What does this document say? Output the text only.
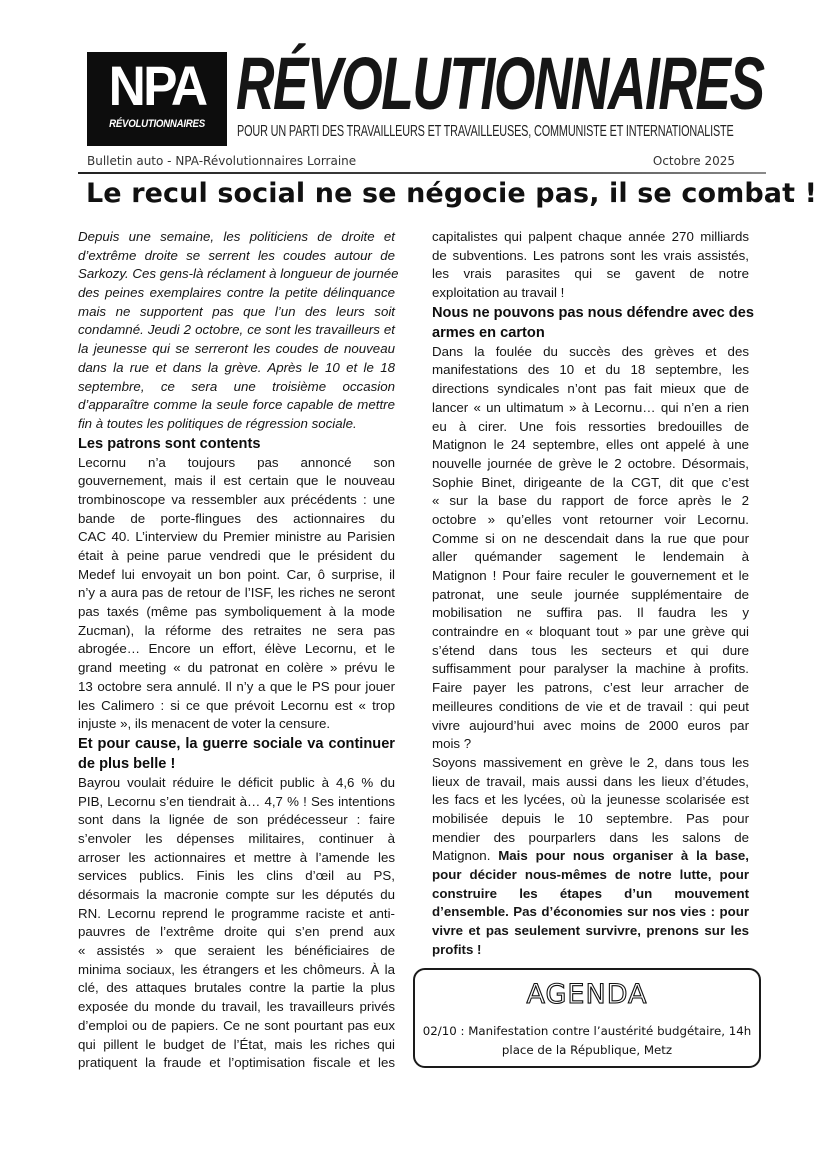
NPA
RÉVOLUTIONNAIRES RÉVOLUTIONNAIRES
POUR UN PARTI DES TRAVAILLEURS ET TRAVAILLEUSES, COMMUNISTE ET INTERNATIONALISTE
Bulletin auto - NPA-Révolutionnaires Lorraine	Octobre 2025
Le recul social ne se négocie pas, il se combat !
Depuis une semaine, les politiciens de droite et
d’extrême droite se serrent les coudes autour de
Sarkozy. Ces gens-là réclament à longueur de journée
des peines exemplaires contre la petite délinquance
mais ne supportent pas que l’un des leurs soit
condamné. Jeudi 2 octobre, ce sont les travailleurs et
la jeunesse qui se serreront les coudes de nouveau
dans la rue et dans la grève. Après le 10 et le 18
septembre, ce sera une troisième occasion
d’apparaître comme la seule force capable de mettre
fin à toutes les politiques de régression sociale.
Les patrons sont contents
Lecornu n’a toujours pas annoncé son
gouvernement, mais il est certain que le nouveau
trombinoscope va ressembler aux précédents : une
bande de porte-flingues des actionnaires du
CAC 40. L’interview du Premier ministre au Parisien
était à peine parue vendredi que le président du
Medef lui envoyait un bon point. Car, ô surprise, il
n’y a aura pas de retour de l’ISF, les riches ne seront
pas taxés (même pas symboliquement à la mode
Zucman), la réforme des retraites ne sera pas
abrogée… Encore un effort, élève Lecornu, et le
grand meeting « du patronat en colère » prévu le
13 octobre sera annulé. Il n’y a que le PS pour jouer
les Calimero : si ce que prévoit Lecornu est « trop
injuste », ils menacent de voter la censure.
Et pour cause, la guerre sociale va continuer
de plus belle !
Bayrou voulait réduire le déficit public à 4,6 % du
PIB, Lecornu s’en tiendrait à… 4,7 % ! Ses intentions
sont dans la lignée de son prédécesseur : faire
s’envoler les dépenses militaires, continuer à
arroser les actionnaires et mettre à l’amende les
services publics. Finis les clins d’œil au PS,
désormais la macronie compte sur les députés du
RN. Lecornu reprend le programme raciste et anti-
pauvres de l’extrême droite qui s’en prend aux
« assistés » que seraient les bénéficiaires de
minima sociaux, les étrangers et les chômeurs. À la
clé, des attaques brutales contre la partie la plus
exposée du monde du travail, les travailleurs privés
d’emploi ou de papiers. Ce ne sont pourtant pas eux
qui pillent le budget de l’État, mais les riches qui
pratiquent la fraude et l’optimisation fiscale et les
capitalistes qui palpent chaque année 270 milliards
de subventions. Les patrons sont les vrais assistés,
les vrais parasites qui se gavent de notre
exploitation au travail !
Nous ne pouvons pas nous défendre avec des
armes en carton
Dans la foulée du succès des grèves et des
manifestations des 10 et du 18 septembre, les
directions syndicales n’ont pas fait mieux que de
lancer « un ultimatum » à Lecornu… qui n’en a rien
eu à cirer. Une fois ressorties bredouilles de
Matignon le 24 septembre, elles ont appelé à une
nouvelle journée de grève le 2 octobre. Désormais,
Sophie Binet, dirigeante de la CGT, dit que c’est
« sur la base du rapport de force après le 2
octobre » qu’elles vont retourner voir Lecornu.
Comme si on ne descendait dans la rue que pour
aller quémander sagement le lendemain à
Matignon ! Pour faire reculer le gouvernement et le
patronat, une seule journée supplémentaire de
mobilisation ne suffira pas. Il faudra les y
contraindre en « bloquant tout » par une grève qui
s’étend dans tous les secteurs et qui dure
suffisamment pour paralyser la machine à profits.
Faire payer les patrons, c’est leur arracher de
meilleures conditions de vie et de travail : qui peut
vivre aujourd’hui avec moins de 2000 euros par
mois ?
Soyons massivement en grève le 2, dans tous les
lieux de travail, mais aussi dans les lieux d’études,
les facs et les lycées, où la jeunesse scolarisée est
mobilisée depuis le 10 septembre. Pas pour
mendier des pourparlers dans les salons de
Matignon. Mais pour nous organiser à la base,
pour décider nous-mêmes de notre lutte, pour
construire les étapes d’un mouvement
d’ensemble. Pas d’économies sur nos vies : pour
vivre et pas seulement survivre, prenons sur les
profits !
AGENDA
02/10 : Manifestation contre l’austérité budgétaire, 14h
place de la République, Metz
